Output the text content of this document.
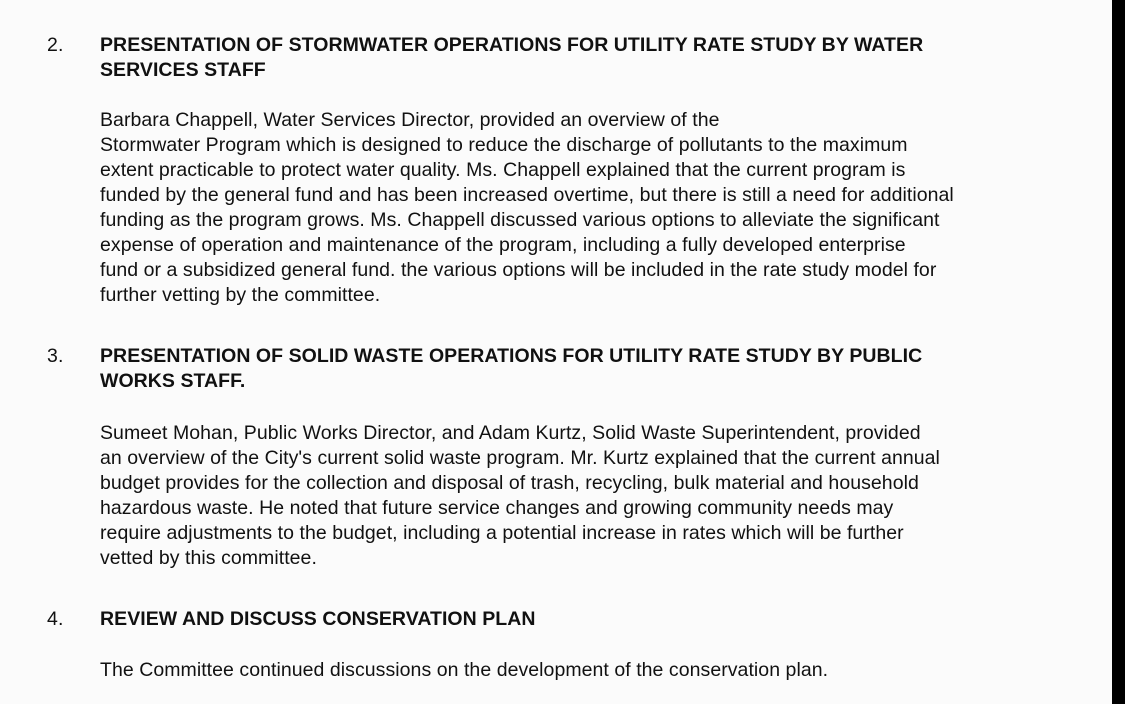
2. PRESENTATION OF STORMWATER OPERATIONS FOR UTILITY RATE STUDY BY WATER
SERVICES STAFF

Barbara Chappell, Water Services Director, provided an overview of the
Stormwater Program which is designed to reduce the discharge of pollutants to the maximum
extent practicable to protect water quality. Ms. Chappell explained that the current program is
funded by the general fund and has been increased overtime, but there is still a need for additional
funding as the program grows. Ms. Chappell discussed various options to alleviate the significant
expense of operation and maintenance of the program, including a fully developed enterprise
fund or a subsidized general fund. the various options will be included in the rate study model for
further vetting by the committee.

3. PRESENTATION OF SOLID WASTE OPERATIONS FOR UTILITY RATE STUDY BY PUBLIC
WORKS STAFF.

Sumeet Mohan, Public Works Director, and Adam Kurtz, Solid Waste Superintendent, provided
an overview of the City's current solid waste program. Mr. Kurtz explained that the current annual
budget provides for the collection and disposal of trash, recycling, bulk material and household
hazardous waste. He noted that future service changes and growing community needs may
require adjustments to the budget, including a potential increase in rates which will be further
vetted by this committee.

4. REVIEW AND DISCUSS CONSERVATION PLAN

The Committee continued discussions on the development of the conservation plan.
